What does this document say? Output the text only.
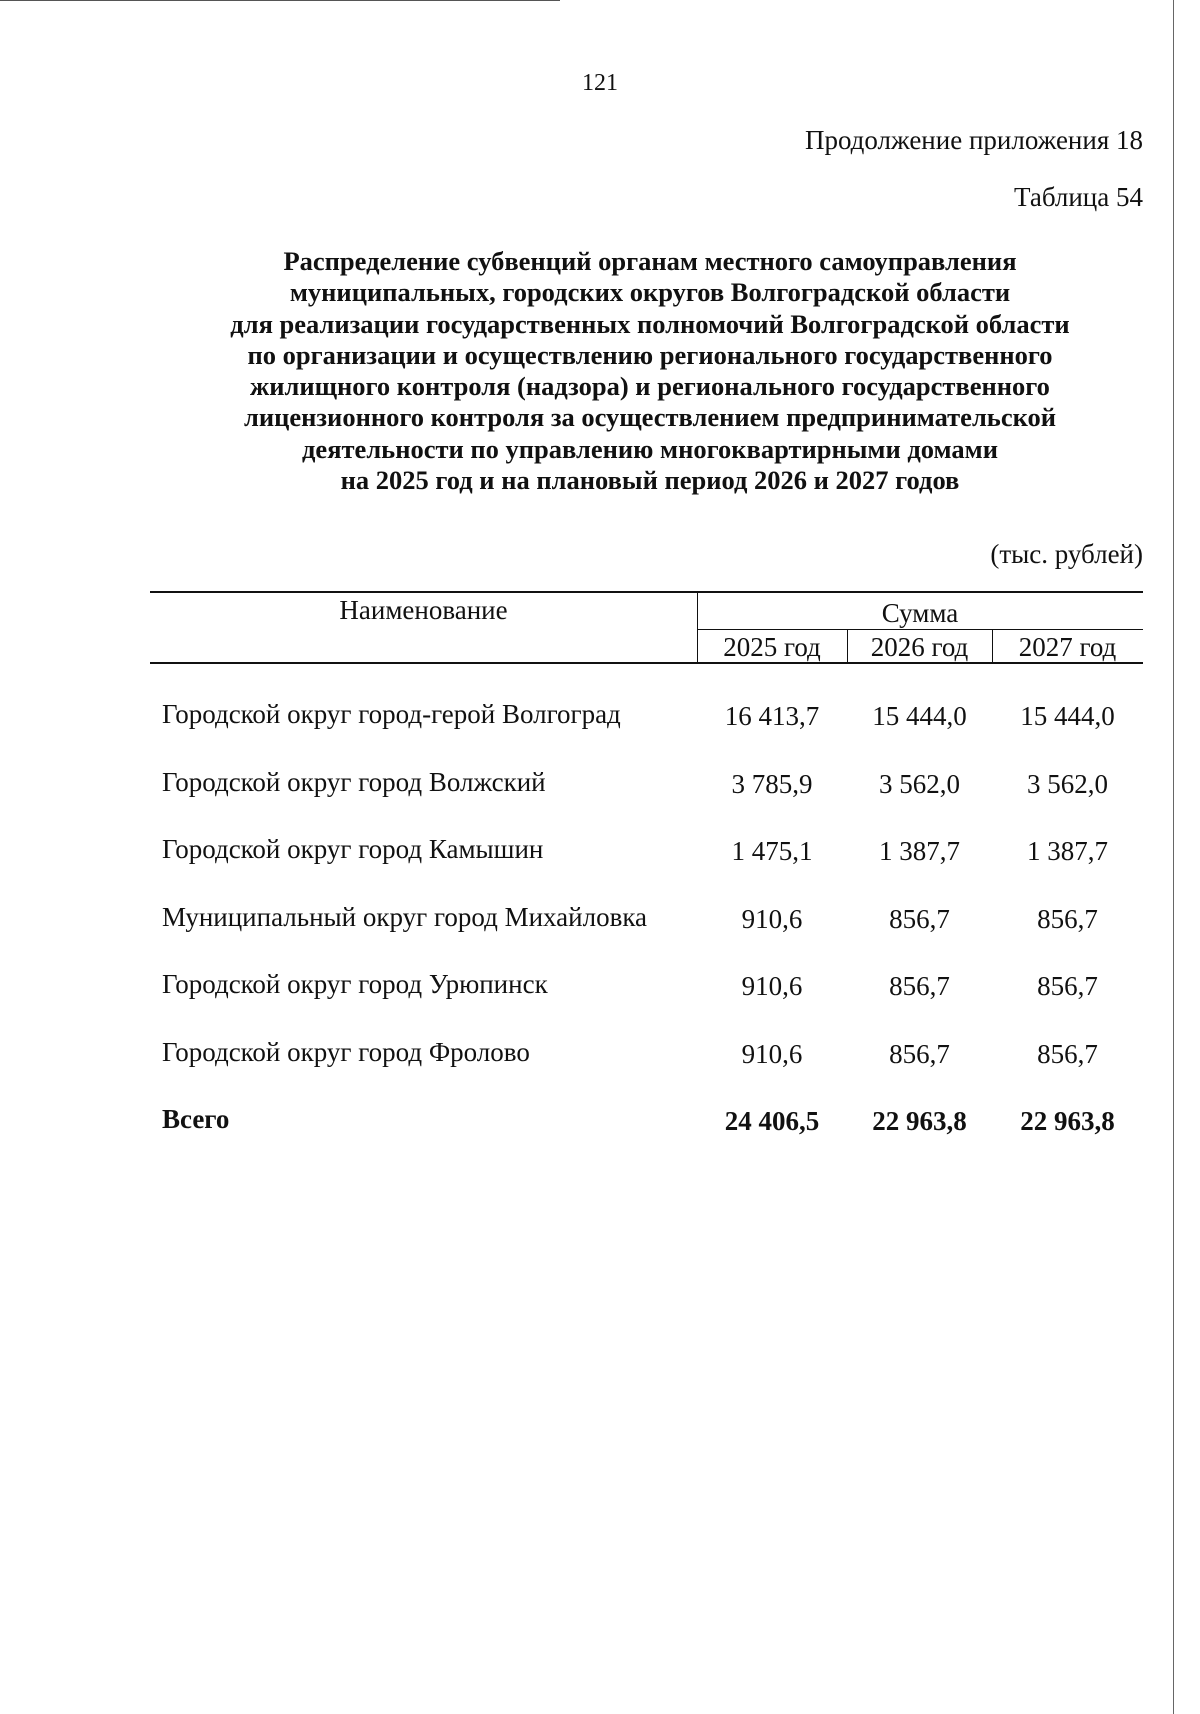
121
Продолжение приложения 18
Таблица 54
Распределение субвенций органам местного самоуправления
муниципальных, городских округов Волгоградской области
для реализации государственных полномочий Волгоградской области
по организации и осуществлению регионального государственного
жилищного контроля (надзора) и регионального государственного
лицензионного контроля за осуществлением предпринимательской
деятельности по управлению многоквартирными домами
на 2025 год и на плановый период 2026 и 2027 годов
(тыс. рублей)
Наименование	Сумма
2025 год	2026 год	2027 год
Городской округ город-герой Волгоград	16 413,7	15 444,0	15 444,0
Городской округ город Волжский	3 785,9	3 562,0	3 562,0
Городской округ город Камышин	1 475,1	1 387,7	1 387,7
Муниципальный округ город Михайловка	910,6	856,7	856,7
Городской округ город Урюпинск	910,6	856,7	856,7
Городской округ город Фролово	910,6	856,7	856,7
Всего	24 406,5	22 963,8	22 963,8
